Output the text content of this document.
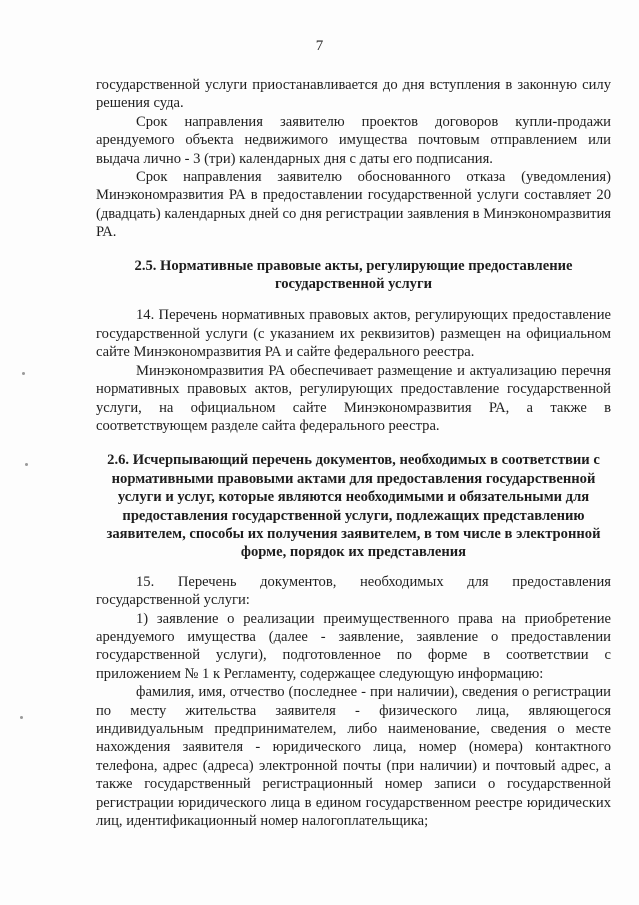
7

государственной услуги приостанавливается до дня вступления в законную силу решения суда.

Срок направления заявителю проектов договоров купли-продажи арендуемого объекта недвижимого имущества почтовым отправлением или выдача лично - 3 (три) календарных дня с даты его подписания.

Срок направления заявителю обоснованного отказа (уведомления) Минэкономразвития РА в предоставлении государственной услуги составляет 20 (двадцать) календарных дней со дня регистрации заявления в Минэкономразвития РА.

2.5. Нормативные правовые акты, регулирующие предоставление государственной услуги

14. Перечень нормативных правовых актов, регулирующих предоставление государственной услуги (с указанием их реквизитов) размещен на официальном сайте Минэкономразвития РА и сайте федерального реестра.

Минэкономразвития РА обеспечивает размещение и актуализацию перечня нормативных правовых актов, регулирующих предоставление государственной услуги, на официальном сайте Минэкономразвития РА, а также в соответствующем разделе сайта федерального реестра.

2.6. Исчерпывающий перечень документов, необходимых в соответствии с нормативными правовыми актами для предоставления государственной услуги и услуг, которые являются необходимыми и обязательными для предоставления государственной услуги, подлежащих представлению заявителем, способы их получения заявителем, в том числе в электронной форме, порядок их представления

15. Перечень документов, необходимых для предоставления государственной услуги:

1) заявление о реализации преимущественного права на приобретение арендуемого имущества (далее - заявление, заявление о предоставлении государственной услуги), подготовленное по форме в соответствии с приложением № 1 к Регламенту, содержащее следующую информацию:

фамилия, имя, отчество (последнее - при наличии), сведения о регистрации по месту жительства заявителя - физического лица, являющегося индивидуальным предпринимателем, либо наименование, сведения о месте нахождения заявителя - юридического лица, номер (номера) контактного телефона, адрес (адреса) электронной почты (при наличии) и почтовый адрес, а также государственный регистрационный номер записи о государственной регистрации юридического лица в едином государственном реестре юридических лиц, идентификационный номер налогоплательщика;
